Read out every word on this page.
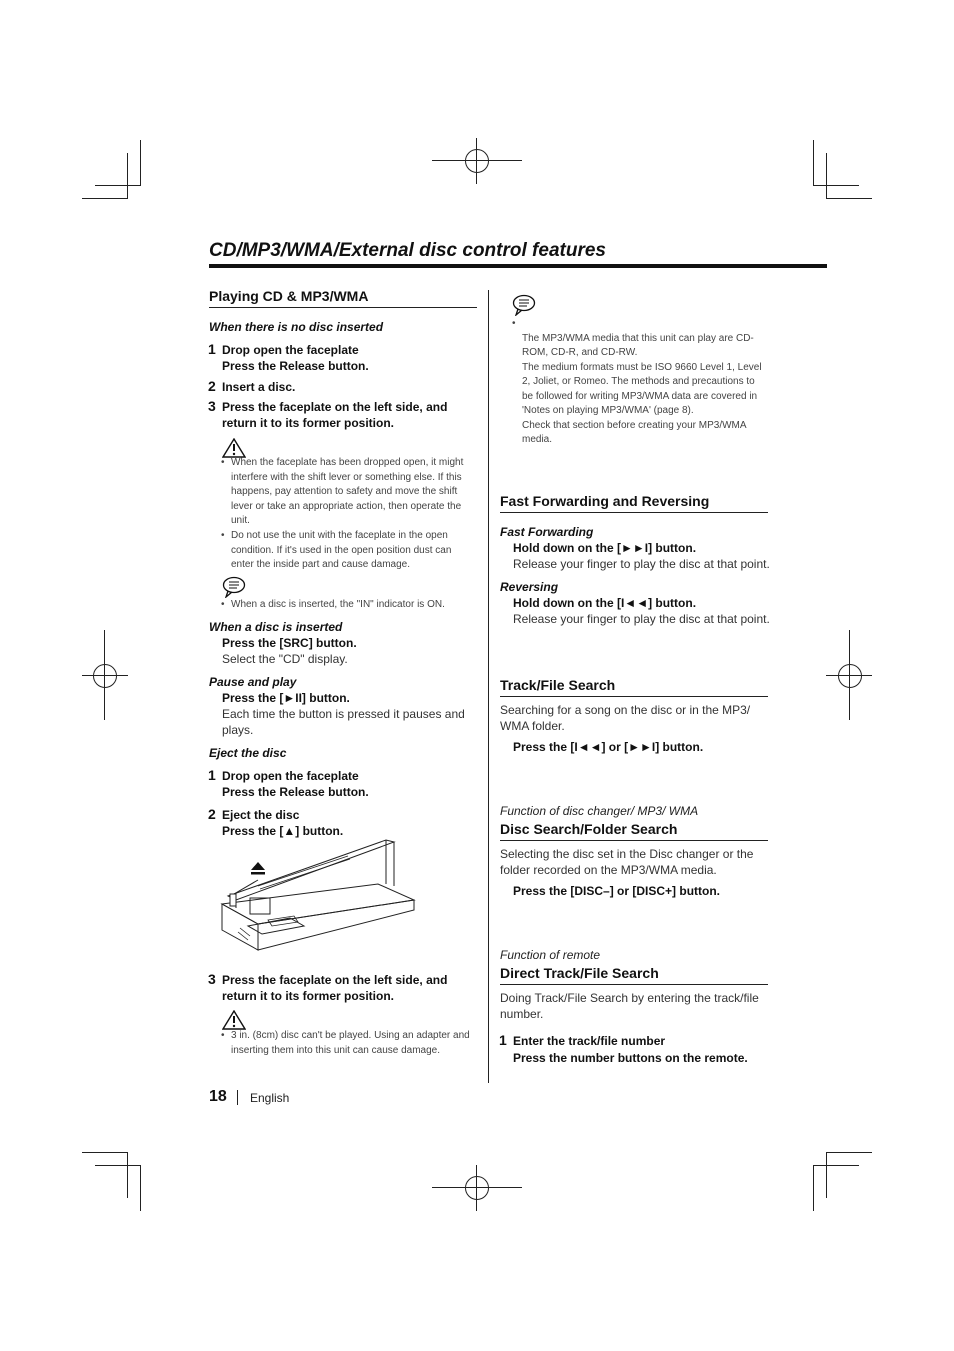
CD/MP3/WMA/External disc control features
Playing CD & MP3/WMA
When there is no disc inserted
1 Drop open the faceplate
Press the Release button.
2 Insert a disc.
3 Press the faceplate on the left side, and
return it to its former position.
• When the faceplate has been dropped open, it might interfere with the shift lever or something else. If this happens, pay attention to safety and move the shift lever or take an appropriate action, then operate the unit.
• Do not use the unit with the faceplate in the open condition. If it's used in the open position dust can enter the inside part and cause damage.
• When a disc is inserted, the "IN" indicator is ON.
When a disc is inserted
Press the [SRC] button.
Select the "CD" display.
Pause and play
Press the [►II] button.
Each time the button is pressed it pauses and plays.
Eject the disc
1 Drop open the faceplate
Press the Release button.
2 Eject the disc
Press the [▲] button.
3 Press the faceplate on the left side, and
return it to its former position.
• 3 in. (8cm) disc can't be played. Using an adapter and inserting them into this unit can cause damage.

•
The MP3/WMA media that this unit can play are CD-ROM, CD-R, and CD-RW.
The medium formats must be ISO 9660 Level 1, Level 2, Joliet, or Romeo. The methods and precautions to be followed for writing MP3/WMA data are covered in 'Notes on playing MP3/WMA' (page 8).
Check that section before creating your MP3/WMA media.

Fast Forwarding and Reversing
Fast Forwarding
Hold down on the [►►I] button.
Release your finger to play the disc at that point.
Reversing
Hold down on the [I◄◄] button.
Release your finger to play the disc at that point.
Track/File Search
Searching for a song on the disc or in the MP3/ WMA folder.
Press the [I◄◄] or [►►I] button.
Function of disc changer/ MP3/ WMA
Disc Search/Folder Search
Selecting the disc set in the Disc changer or the folder recorded on the MP3/WMA media.
Press the [DISC–] or [DISC+] button.
Function of remote
Direct Track/File Search
Doing Track/File Search by entering the track/file number.
1 Enter the track/file number
Press the number buttons on the remote.
18 English
